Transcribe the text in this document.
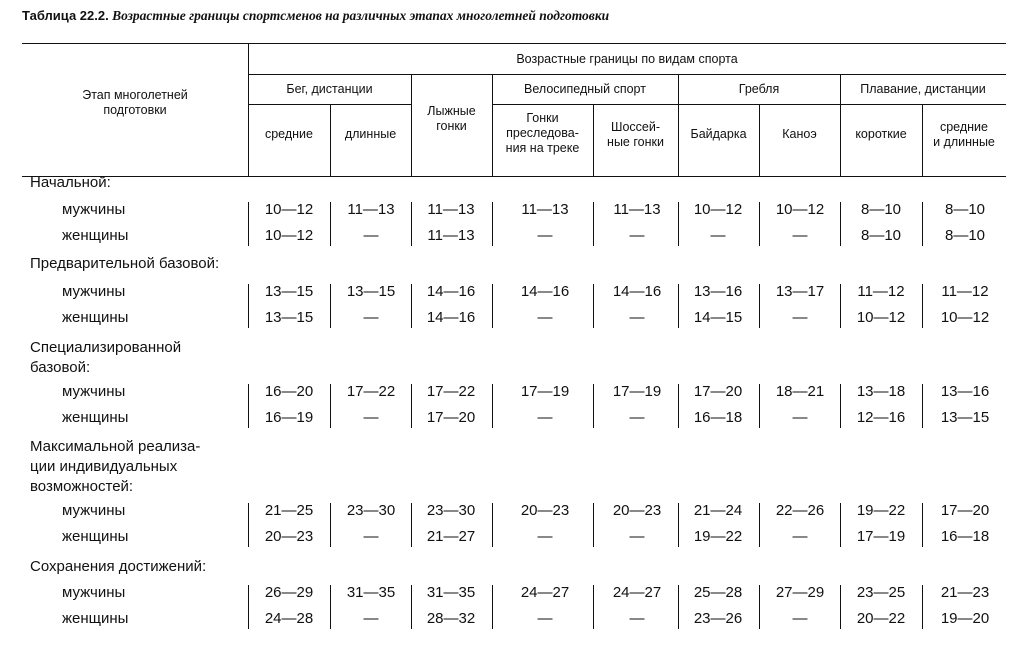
Таблица 22.2. Возрастные границы спортсменов на различных этапах многолетней подготовки
Этап многолетней
подготовки
Возрастные границы по видам спорта
Бег, дистанции
средние	длинные
Лыжные
гонки
Велосипедный спорт
Гонки
преследова-
ния на треке
Шоссей-
ные гонки
Гребля
Байдарка	Каноэ
Плавание, дистанции
короткие	средние
и длинные
Начальной:
мужчины	10—12	11—13	11—13	11—13	11—13	10—12	10—12	8—10	8—10
женщины	10—12	—	11—13	—	—	—	—	8—10	8—10
Предварительной базовой:
мужчины	13—15	13—15	14—16	14—16	14—16	13—16	13—17	11—12	11—12
женщины	13—15	—	14—16	—	—	14—15	—	10—12	10—12
Специализированной
базовой:
мужчины	16—20	17—22	17—22	17—19	17—19	17—20	18—21	13—18	13—16
женщины	16—19	—	17—20	—	—	16—18	—	12—16	13—15
Максимальной реализа-
ции индивидуальных
возможностей:
мужчины	21—25	23—30	23—30	20—23	20—23	21—24	22—26	19—22	17—20
женщины	20—23	—	21—27	—	—	19—22	—	17—19	16—18
Сохранения достижений:
мужчины	26—29	31—35	31—35	24—27	24—27	25—28	27—29	23—25	21—23
женщины	24—28	—	28—32	—	—	23—26	—	20—22	19—20
